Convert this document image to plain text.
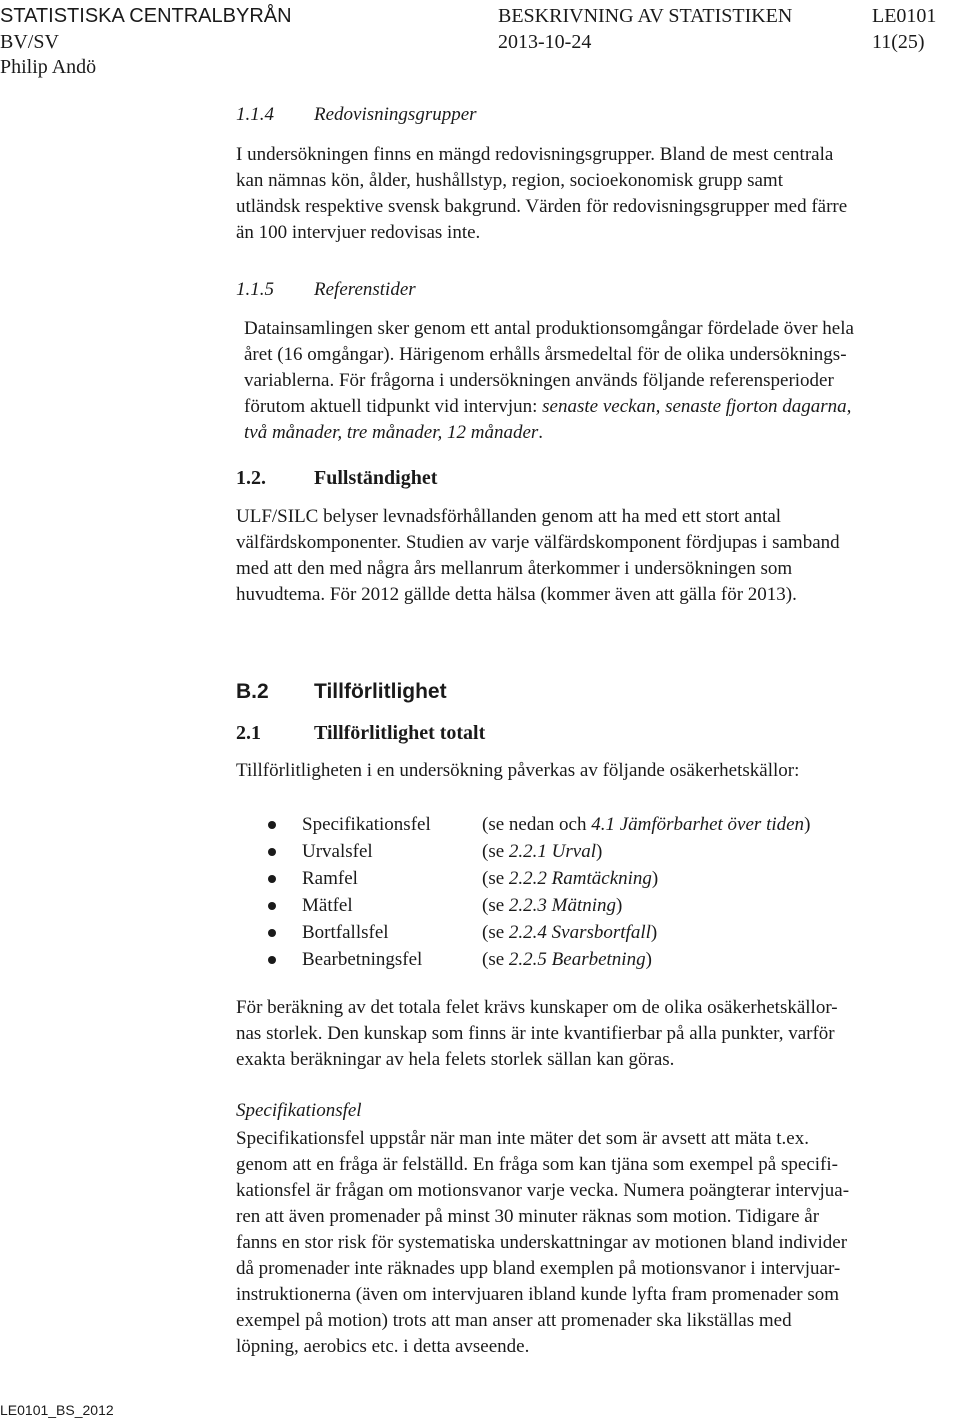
STATISTISKA CENTRALBYRÅN	BESKRIVNING AV STATISTIKEN	LE0101
BV/SV	2013-10-24	11(25)
Philip Andö
1.1.4 Redovisningsgrupper
I undersökningen finns en mängd redovisningsgrupper. Bland de mest centrala
kan nämnas kön, ålder, hushållstyp, region, socioekonomisk grupp samt
utländsk respektive svensk bakgrund. Värden för redovisningsgrupper med färre
än 100 intervjuer redovisas inte.
1.1.5 Referenstider
Datainsamlingen sker genom ett antal produktionsomgångar fördelade över hela
året (16 omgångar). Härigenom erhålls årsmedeltal för de olika undersöknings-
variablerna. För frågorna i undersökningen används följande referensperioder
förutom aktuell tidpunkt vid intervjun: senaste veckan, senaste fjorton dagarna,
två månader, tre månader, 12 månader.
1.2. Fullständighet
ULF/SILC belyser levnadsförhållanden genom att ha med ett stort antal
välfärdskomponenter. Studien av varje välfärdskomponent fördjupas i samband
med att den med några års mellanrum återkommer i undersökningen som
huvudtema. För 2012 gällde detta hälsa (kommer även att gälla för 2013).
B.2 Tillförlitlighet
2.1	Tillförlitlighet totalt
Tillförlitligheten i en undersökning påverkas av följande osäkerhetskällor:
Specifikationsfel	(se nedan och 4.1 Jämförbarhet över tiden)
Urvalsfel	(se 2.2.1 Urval)
Ramfel	(se 2.2.2 Ramtäckning)
Mätfel	(se 2.2.3 Mätning)
Bortfallsfel	(se 2.2.4 Svarsbortfall)
Bearbetningsfel	(se 2.2.5 Bearbetning)
För beräkning av det totala felet krävs kunskaper om de olika osäkerhetskällor-
nas storlek. Den kunskap som finns är inte kvantifierbar på alla punkter, varför
exakta beräkningar av hela felets storlek sällan kan göras.
Specifikationsfel
Specifikationsfel uppstår när man inte mäter det som är avsett att mäta t.ex.
genom att en fråga är felställd. En fråga som kan tjäna som exempel på specifi-
kationsfel är frågan om motionsvanor varje vecka. Numera poängterar intervjua-
ren att även promenader på minst 30 minuter räknas som motion. Tidigare år
fanns en stor risk för systematiska underskattningar av motionen bland individer
då promenader inte räknades upp bland exemplen på motionsvanor i intervjuar-
instruktionerna (även om intervjuaren ibland kunde lyfta fram promenader som
exempel på motion) trots att man anser att promenader ska likställas med
löpning, aerobics etc. i detta avseende.
LE0101_BS_2012
